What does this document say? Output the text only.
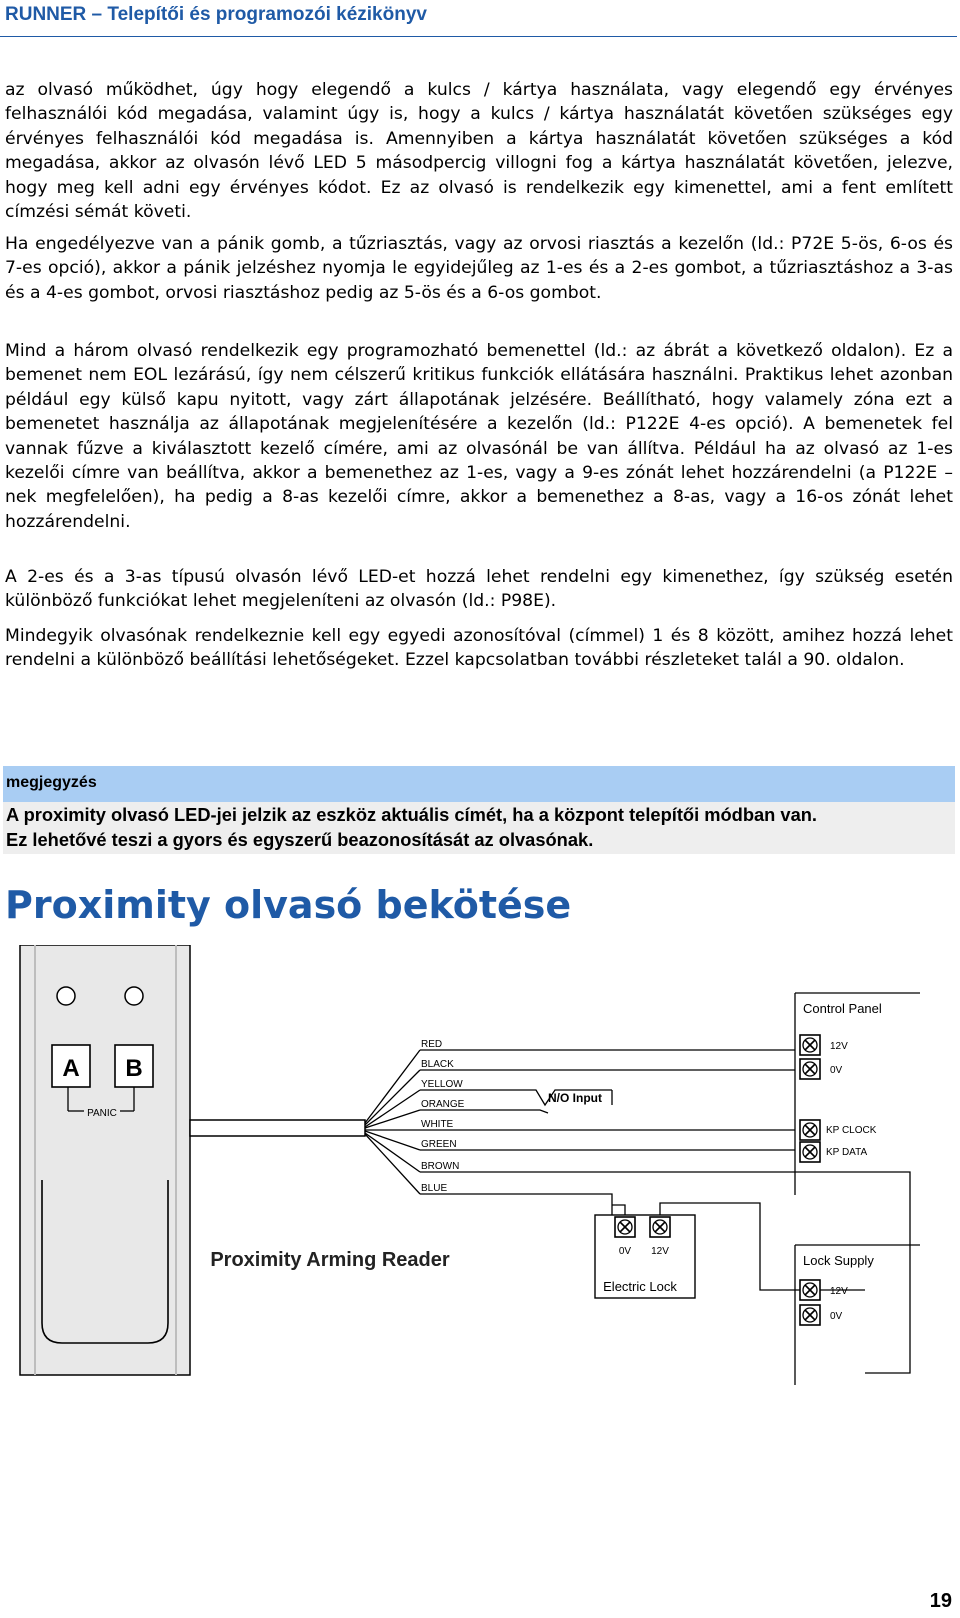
RUNNER – Telepítői és programozói kézikönyv

az olvasó működhet, úgy hogy elegendő a kulcs / kártya használata, vagy elegendő egy érvényes felhasználói kód megadása, valamint úgy is, hogy a kulcs / kártya használatát követően szükséges egy érvényes felhasználói kód megadása is. Amennyiben a kártya használatát követően szükséges a kód megadása, akkor az olvasón lévő LED 5 másodpercig villogni fog a kártya használatát követően, jelezve, hogy meg kell adni egy érvényes kódot. Ez az olvasó is rendelkezik egy kimenettel, ami a fent említett címzési sémát követi.

Ha engedélyezve van a pánik gomb, a tűzriasztás, vagy az orvosi riasztás a kezelőn (ld.: P72E 5-ös, 6-os és 7-es opció), akkor a pánik jelzéshez nyomja le egyidejűleg az 1-es és a 2-es gombot, a tűzriasztáshoz a 3-as és a 4-es gombot, orvosi riasztáshoz pedig az 5-ös és a 6-os gombot.

Mind a három olvasó rendelkezik egy programozható bemenettel (ld.: az ábrát a következő oldalon). Ez a bemenet nem EOL lezárású, így nem célszerű kritikus funkciók ellátására használni. Praktikus lehet azonban például egy külső kapu nyitott, vagy zárt állapotának jelzésére. Beállítható, hogy valamely zóna ezt a bemenetet használja az állapotának megjelenítésére a kezelőn (ld.: P122E 4-es opció). A bemenetek fel vannak fűzve a kiválasztott kezelő címére, ami az olvasónál be van állítva. Például ha az olvasó az 1-es kezelői címre van beállítva, akkor a bemenethez az 1-es, vagy a 9-es zónát lehet hozzárendelni (a P122E –nek megfelelően), ha pedig a 8-as kezelői címre, akkor a bemenethez a 8-as, vagy a 16-os zónát lehet hozzárendelni.

A 2-es és a 3-as típusú olvasón lévő LED-et hozzá lehet rendelni egy kimenethez, így szükség esetén különböző funkciókat lehet megjeleníteni az olvasón (ld.: P98E).

Mindegyik olvasónak rendelkeznie kell egy egyedi azonosítóval (címmel) 1 és 8 között, amihez hozzá lehet rendelni a különböző beállítási lehetőségeket. Ezzel kapcsolatban további részleteket talál a 90. oldalon.

megjegyzés

A proximity olvasó LED-jei jelzik az eszköz aktuális címét, ha a központ telepítői módban van.
Ez lehetővé teszi a gyors és egyszerű beazonosítását az olvasónak.

Proximity olvasó bekötése
A B
PANIC
Proximity Arming Reader
RED
BLACK
YELLOW
ORANGE
WHITE
GREEN
BROWN
BLUE
N/O Input
Control Panel
12V
0V
KP CLOCK
KP DATA
0V 12V
Electric Lock
Lock Supply
12V
0V
19
